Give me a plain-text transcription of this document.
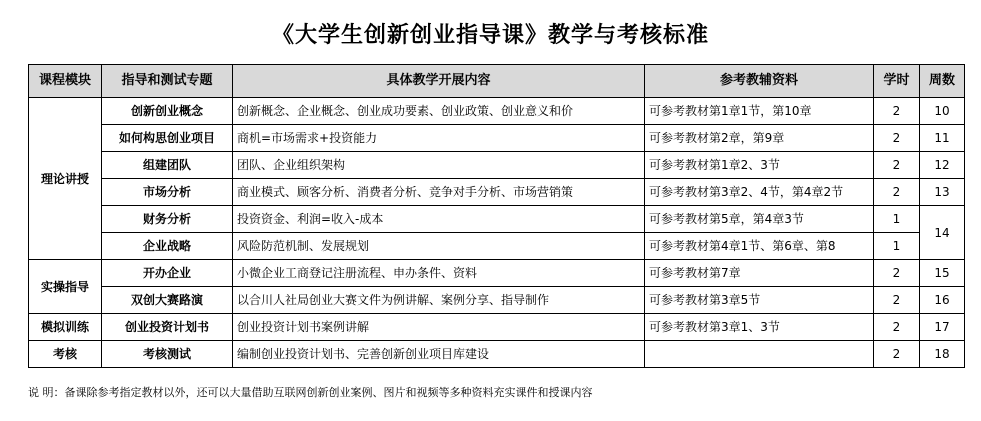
《大学生创新创业指导课》教学与考核标准
课程模块	指导和测试专题	具体教学开展内容	参考教辅资料	学时	周数
理论讲授	创新创业概念	创新概念、企业概念、创业成功要素、创业政策、创业意义和价	可参考教材第1章1节，第10章	2	10
	如何构思创业项目	商机=市场需求+投资能力	可参考教材第2章，第9章	2	11
	组建团队	团队、企业组织架构	可参考教材第1章2、3节	2	12
	市场分析	商业模式、顾客分析、消费者分析、竞争对手分析、市场营销策	可参考教材第3章2、4节，第4章2节	2	13
	财务分析	投资资金、利润=收入-成本	可参考教材第5章，第4章3节	1	14
	企业战略	风险防范机制、发展规划	可参考教材第4章1节、第6章、第8	1	
实操指导	开办企业	小微企业工商登记注册流程、申办条件、资料	可参考教材第7章	2	15
	双创大赛路演	以合川人社局创业大赛文件为例讲解、案例分享、指导制作	可参考教材第3章5节	2	16
模拟训练	创业投资计划书	创业投资计划书案例讲解	可参考教材第3章1、3节	2	17
考核	考核测试	编制创业投资计划书、完善创新创业项目库建设		2	18
说 明：备课除参考指定教材以外，还可以大量借助互联网创新创业案例、图片和视频等多种资料充实课件和授课内容
